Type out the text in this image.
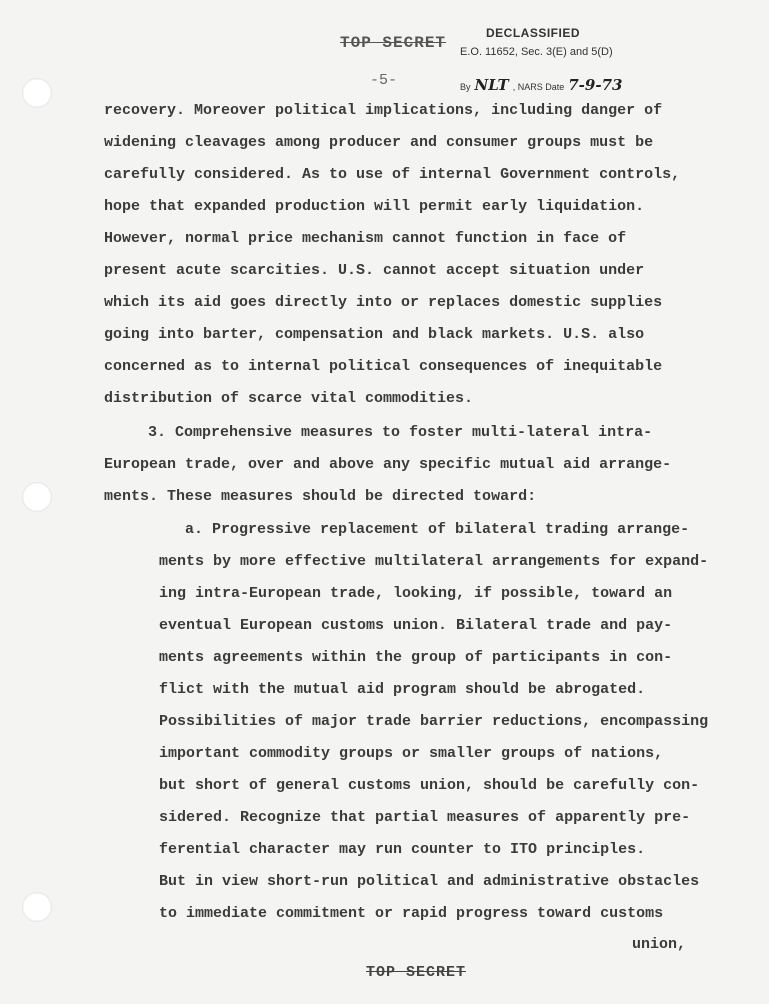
TOP SECRET
DECLASSIFIED
E.O. 11652, Sec. 3(E) and 5(D)
By NLT , NARS Date 7-9-73
-5-
recovery. Moreover political implications, including danger of
widening cleavages among producer and consumer groups must be
carefully considered. As to use of internal Government controls,
hope that expanded production will permit early liquidation.
However, normal price mechanism cannot function in face of
present acute scarcities. U.S. cannot accept situation under
which its aid goes directly into or replaces domestic supplies
going into barter, compensation and black markets. U.S. also
concerned as to internal political consequences of inequitable
distribution of scarce vital commodities.
3. Comprehensive measures to foster multi-lateral intra-
European trade, over and above any specific mutual aid arrange-
ments. These measures should be directed toward:
a. Progressive replacement of bilateral trading arrange-
ments by more effective multilateral arrangements for expand-
ing intra-European trade, looking, if possible, toward an
eventual European customs union. Bilateral trade and pay-
ments agreements within the group of participants in con-
flict with the mutual aid program should be abrogated.
Possibilities of major trade barrier reductions, encompassing
important commodity groups or smaller groups of nations,
but short of general customs union, should be carefully con-
sidered. Recognize that partial measures of apparently pre-
ferential character may run counter to ITO principles.
But in view short-run political and administrative obstacles
to immediate commitment or rapid progress toward customs
union,
TOP SECRET
